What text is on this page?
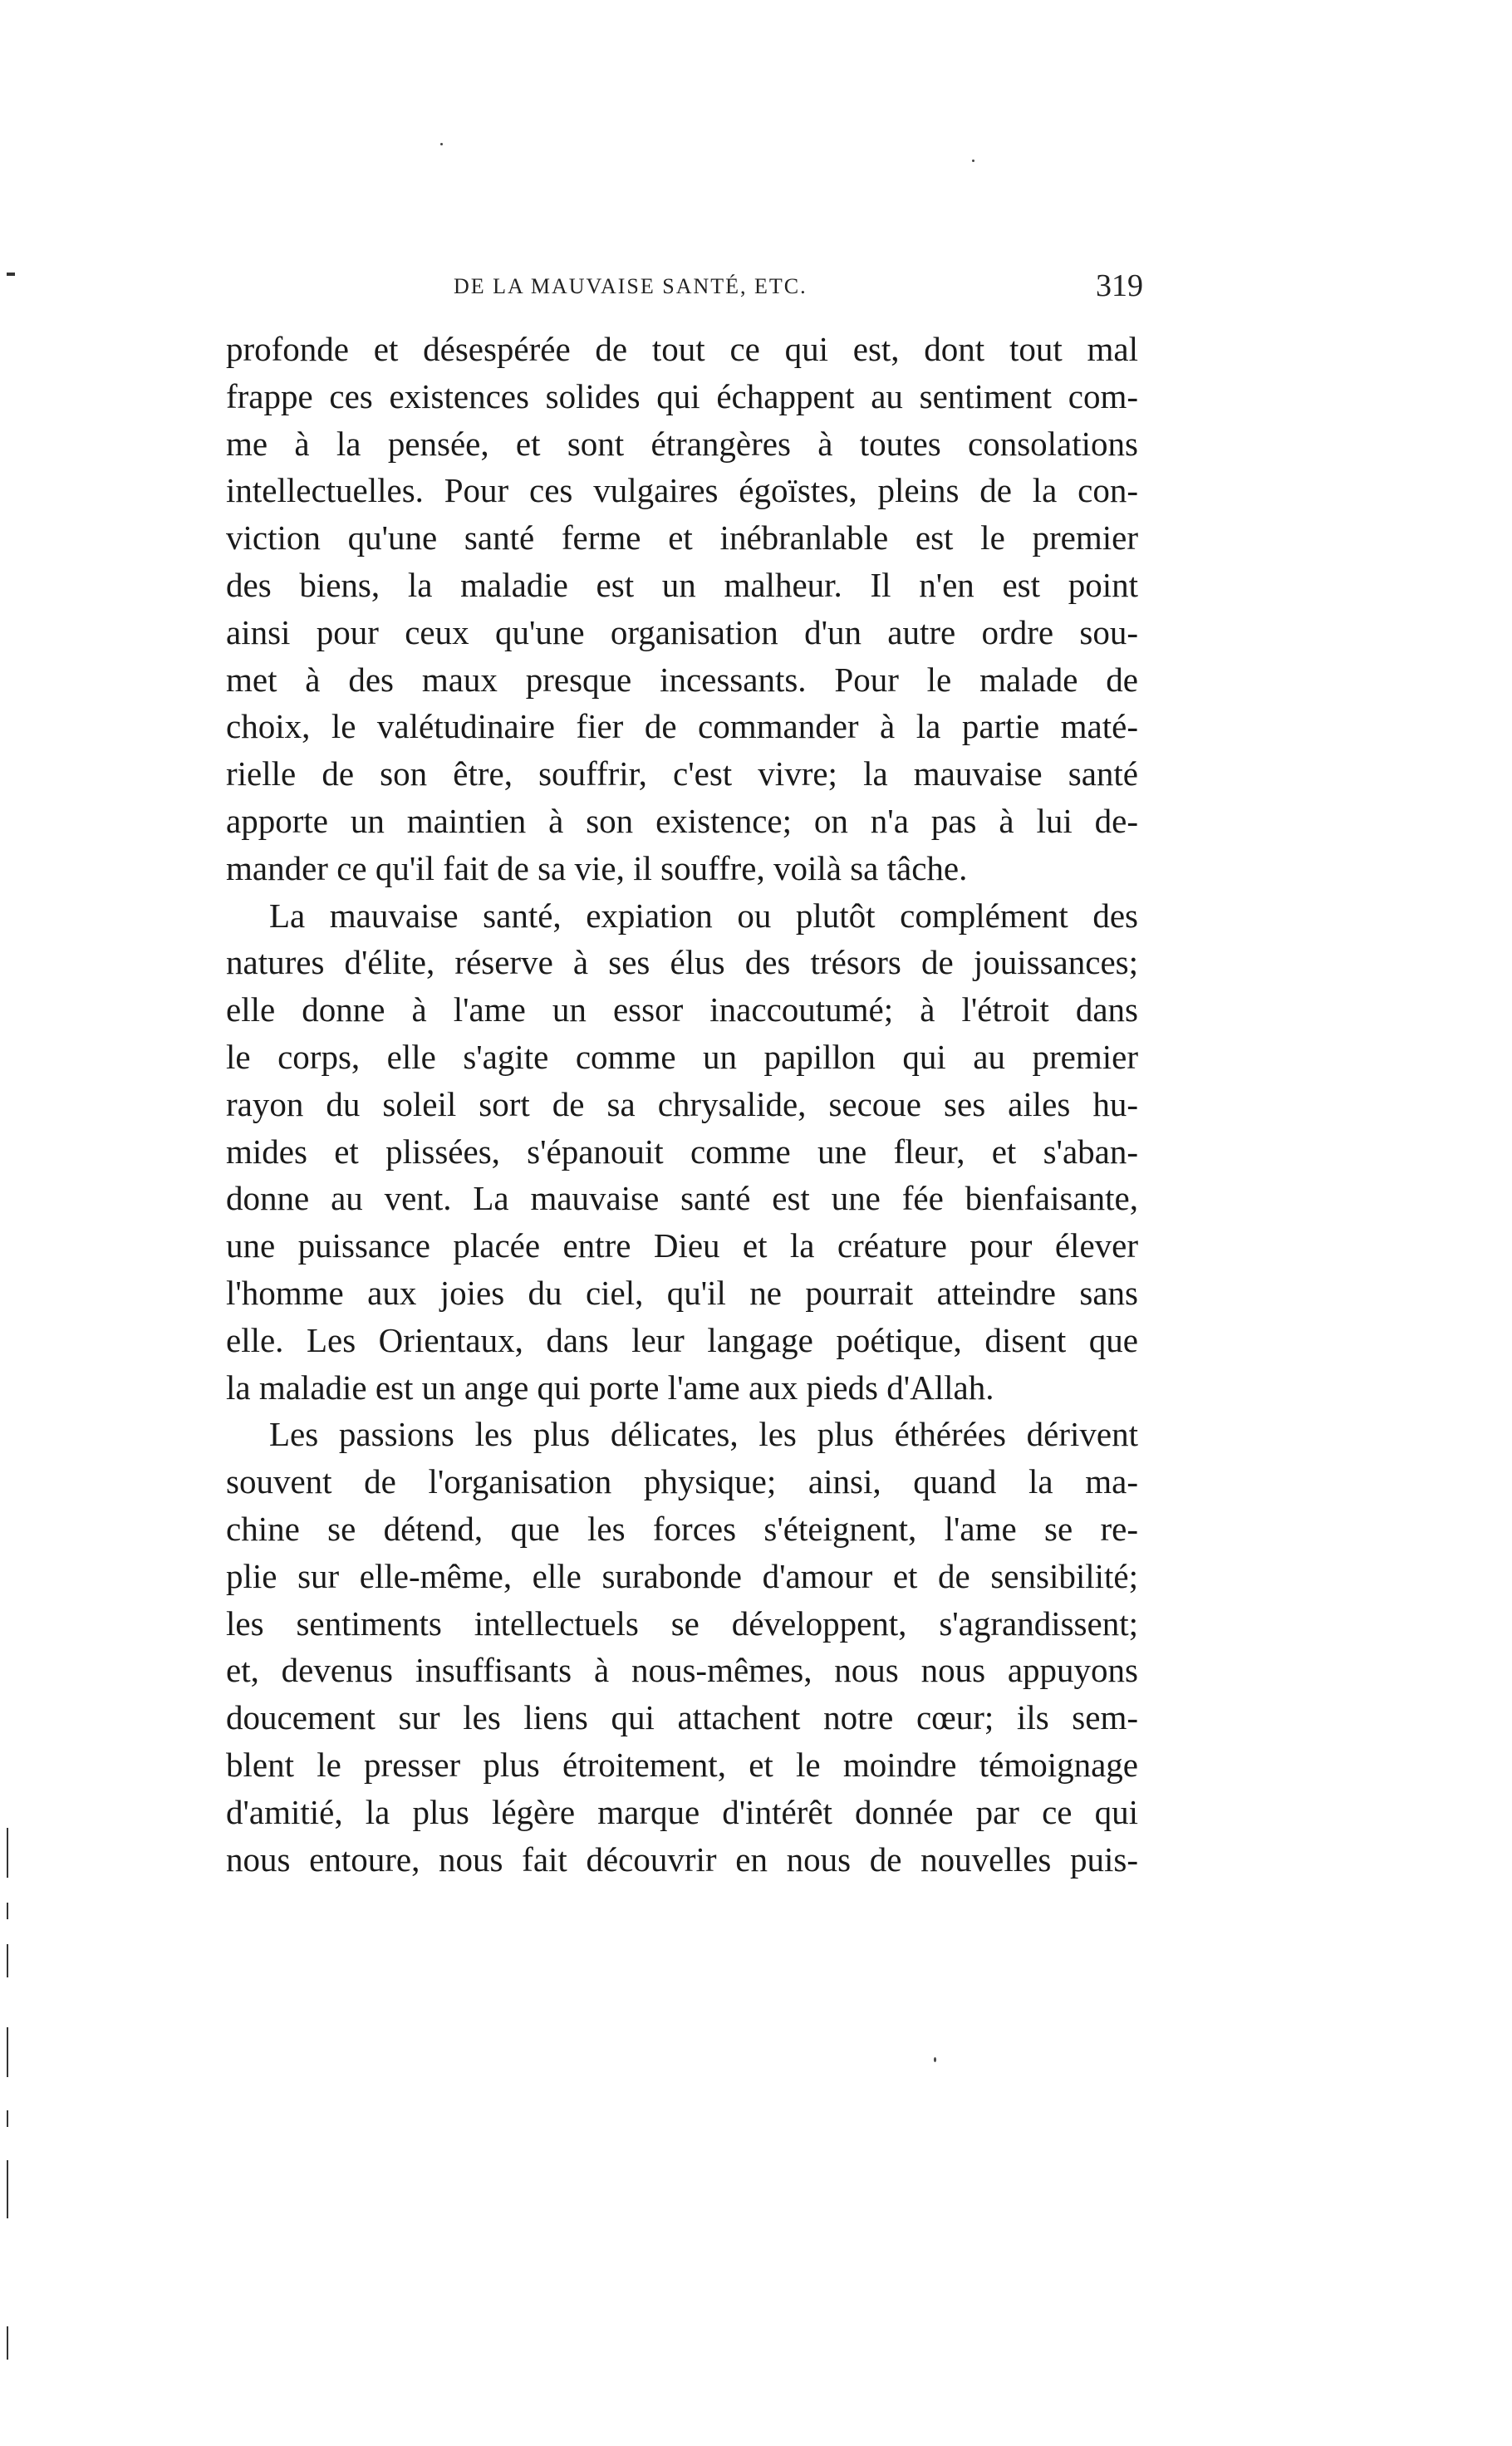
DE LA MAUVAISE SANTÉ, ETC.	319
profonde et désespérée de tout ce qui est, dont tout mal
frappe ces existences solides qui échappent au sentiment com-
me à la pensée, et sont étrangères à toutes consolations
intellectuelles. Pour ces vulgaires égoïstes, pleins de la con-
viction qu'une santé ferme et inébranlable est le premier
des biens, la maladie est un malheur. Il n'en est point
ainsi pour ceux qu'une organisation d'un autre ordre sou-
met à des maux presque incessants. Pour le malade de
choix, le valétudinaire fier de commander à la partie maté-
rielle de son être, souffrir, c'est vivre; la mauvaise santé
apporte un maintien à son existence; on n'a pas à lui de-
mander ce qu'il fait de sa vie, il souffre, voilà sa tâche.
La mauvaise santé, expiation ou plutôt complément des
natures d'élite, réserve à ses élus des trésors de jouissances;
elle donne à l'ame un essor inaccoutumé; à l'étroit dans
le corps, elle s'agite comme un papillon qui au premier
rayon du soleil sort de sa chrysalide, secoue ses ailes hu-
mides et plissées, s'épanouit comme une fleur, et s'aban-
donne au vent. La mauvaise santé est une fée bienfaisante,
une puissance placée entre Dieu et la créature pour élever
l'homme aux joies du ciel, qu'il ne pourrait atteindre sans
elle. Les Orientaux, dans leur langage poétique, disent que
la maladie est un ange qui porte l'ame aux pieds d'Allah.
Les passions les plus délicates, les plus éthérées dérivent
souvent de l'organisation physique; ainsi, quand la ma-
chine se détend, que les forces s'éteignent, l'ame se re-
plie sur elle-même, elle surabonde d'amour et de sensibilité;
les sentiments intellectuels se développent, s'agrandissent;
et, devenus insuffisants à nous-mêmes, nous nous appuyons
doucement sur les liens qui attachent notre cœur; ils sem-
blent le presser plus étroitement, et le moindre témoignage
d'amitié, la plus légère marque d'intérêt donnée par ce qui
nous entoure, nous fait découvrir en nous de nouvelles puis-
